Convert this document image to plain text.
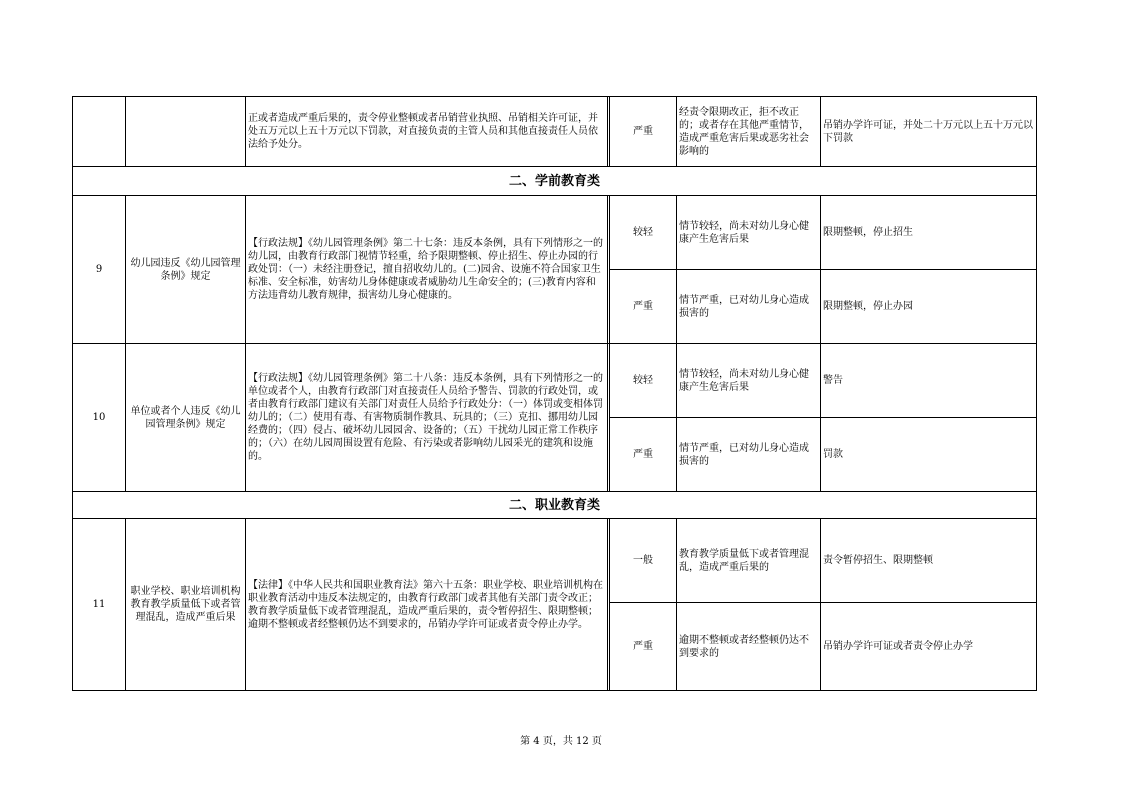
		正或者造成严重后果的，责令停业整顿或者吊销营业执照、吊销相关许可证，并处五万元以上五十万元以下罚款，对直接负责的主管人员和其他直接责任人员依法给予处分。		严重	经责令限期改正，拒不改正的；或者存在其他严重情节，造成严重危害后果或恶劣社会影响的	吊销办学许可证，并处二十万元以上五十万元以下罚款
二、学前教育类						
9	幼儿园违反《幼儿园管理条例》规定	【行政法规】《幼儿园管理条例》第二十七条：违反本条例，具有下列情形之一的幼儿园，由教育行政部门视情节轻重，给予限期整顿、停止招生、停止办园的行政处罚：（一）未经注册登记，擅自招收幼儿的。(二)园舍、设施不符合国家卫生标准、安全标准，妨害幼儿身体健康或者威胁幼儿生命安全的；(三)教育内容和方法违背幼儿教育规律，损害幼儿身心健康的。		较轻	情节较轻，尚未对幼儿身心健康产生危害后果	限期整顿，停止招生
				严重	情节严重，已对幼儿身心造成损害的	限期整顿，停止办园
10	单位或者个人违反《幼儿园管理条例》规定	【行政法规】《幼儿园管理条例》第二十八条：违反本条例，具有下列情形之一的单位或者个人，由教育行政部门对直接责任人员给予警告、罚款的行政处罚，或者由教育行政部门建议有关部门对责任人员给予行政处分：（一）体罚或变相体罚幼儿的；（二）使用有毒、有害物质制作教具、玩具的；（三）克扣、挪用幼儿园经费的；（四）侵占、破坏幼儿园园舍、设备的；（五）干扰幼儿园正常工作秩序的；（六）在幼儿园周围设置有危险、有污染或者影响幼儿园采光的建筑和设施的。		较轻	情节较轻，尚未对幼儿身心健康产生危害后果	警告
				严重	情节严重，已对幼儿身心造成损害的	罚款
二、职业教育类						
11	职业学校、职业培训机构教育教学质量低下或者管理混乱，造成严重后果	【法律】《中华人民共和国职业教育法》第六十五条：职业学校、职业培训机构在职业教育活动中违反本法规定的，由教育行政部门或者其他有关部门责令改正；教育教学质量低下或者管理混乱，造成严重后果的，责令暂停招生、限期整顿；逾期不整顿或者经整顿仍达不到要求的，吊销办学许可证或者责令停止办学。		一般	教育教学质量低下或者管理混乱，造成严重后果的	责令暂停招生、限期整顿
				严重	逾期不整顿或者经整顿仍达不到要求的	吊销办学许可证或者责令停止办学
第 4 页，共 12 页
